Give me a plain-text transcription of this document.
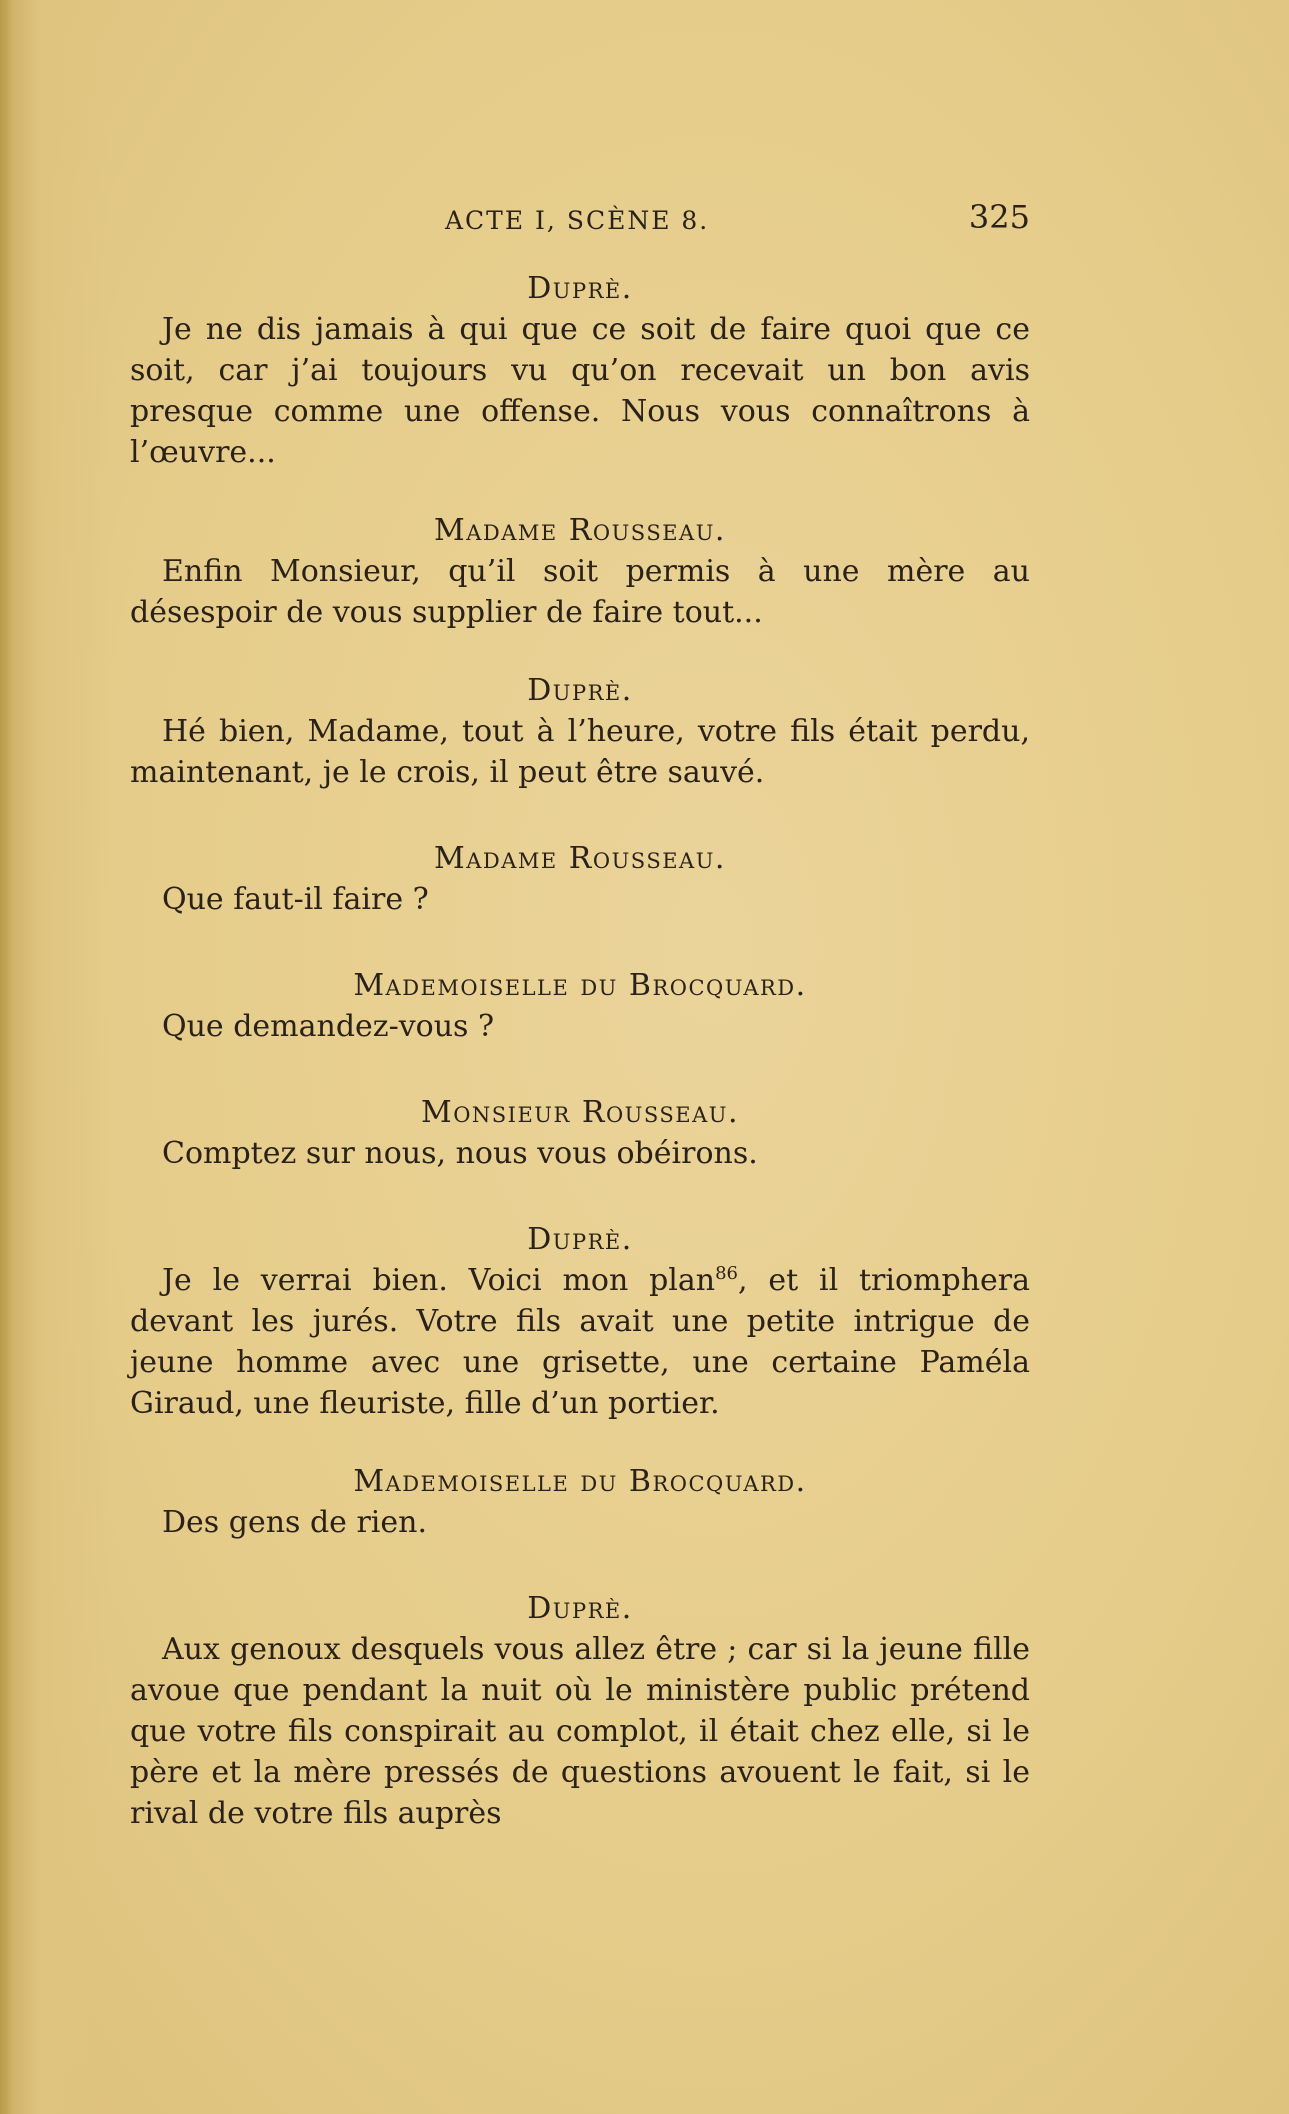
ACTE I, SCÈNE 8.	325
Duprè.

Je ne dis jamais à qui que ce soit de faire quoi que ce soit, car j’ai toujours vu qu’on recevait un bon avis presque comme une offense. Nous vous connaîtrons à l’œuvre...

Madame Rousseau.

Enfin Monsieur, qu’il soit permis à une mère au désespoir de vous supplier de faire tout...

Duprè.

Hé bien, Madame, tout à l’heure, votre fils était perdu, maintenant, je le crois, il peut être sauvé.

Madame Rousseau.

Que faut-il faire ?

Mademoiselle du Brocquard.

Que demandez-vous ?

Monsieur Rousseau.

Comptez sur nous, nous vous obéirons.

Duprè.

Je le verrai bien. Voici mon plan$^{86}$, et il triomphera devant les jurés. Votre fils avait une petite intrigue de jeune homme avec une grisette, une certaine Paméla Giraud, une fleuriste, fille d’un portier.

Mademoiselle du Brocquard.

Des gens de rien.

Duprè.

Aux genoux desquels vous allez être ; car si la jeune fille avoue que pendant la nuit où le ministère public prétend que votre fils conspirait au complot, il était chez elle, si le père et la mère pressés de questions avouent le fait, si le rival de votre fils auprès
